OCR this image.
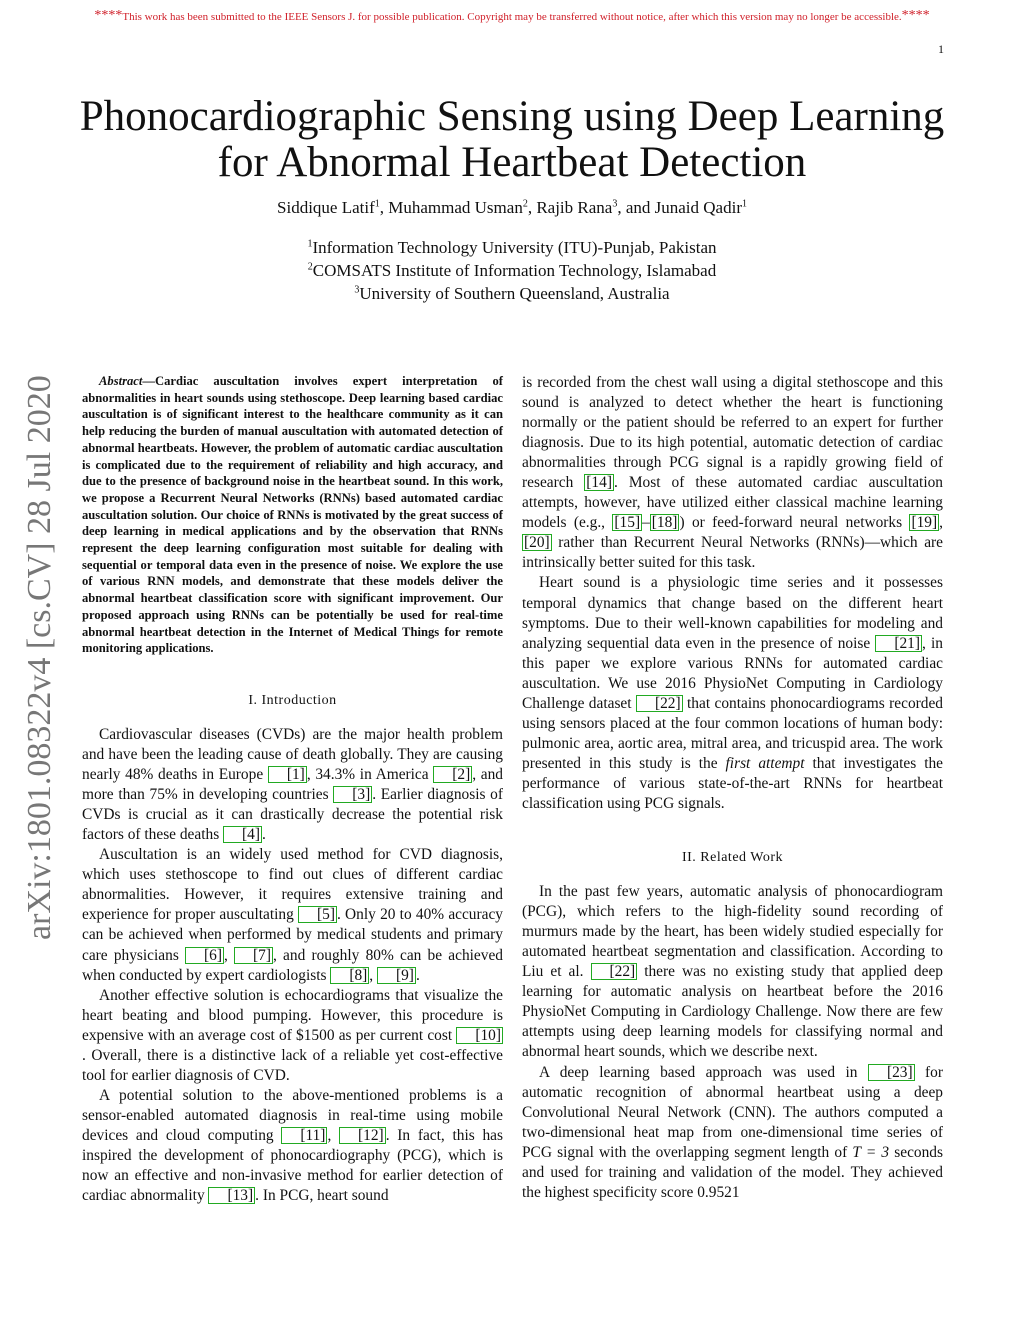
****This work has been submitted to the IEEE Sensors J. for possible publication. Copyright may be transferred without notice, after which this version may no longer be accessible.****
1
arXiv:1801.08322v4 [cs.CV] 28 Jul 2020
Phonocardiographic Sensing using Deep Learning
for Abnormal Heartbeat Detection
Siddique Latif$^1$, Muhammad Usman$^2$, Rajib Rana$^3$, and Junaid Qadir$^1$
$^1$Information Technology University (ITU)-Punjab, Pakistan
$^2$COMSATS Institute of Information Technology, Islamabad
$^3$University of Southern Queensland, Australia
Abstract—Cardiac auscultation involves expert interpretation of abnormalities in heart sounds using stethoscope. Deep learning based cardiac auscultation is of significant interest to the healthcare community as it can help reducing the burden of manual auscultation with automated detection of abnormal heartbeats. However, the problem of automatic cardiac auscultation is complicated due to the requirement of reliability and high accuracy, and due to the presence of background noise in the heartbeat sound. In this work, we propose a Recurrent Neural Networks (RNNs) based automated cardiac auscultation solution. Our choice of RNNs is motivated by the great success of deep learning in medical applications and by the observation that RNNs represent the deep learning configuration most suitable for dealing with sequential or temporal data even in the presence of noise. We explore the use of various RNN models, and demonstrate that these models deliver the abnormal heartbeat classification score with significant improvement. Our proposed approach using RNNs can be potentially be used for real-time abnormal heartbeat detection in the Internet of Medical Things for remote monitoring applications.
I. Introduction

Cardiovascular diseases (CVDs) are the major health problem and have been the leading cause of death globally. They are causing nearly 48% deaths in Europe [1] , 34.3% in America [2] , and more than 75% in developing countries [3] . Earlier diagnosis of CVDs is crucial as it can drastically decrease the potential risk factors of these deaths [4] .

Auscultation is an widely used method for CVD diagnosis, which uses stethoscope to find out clues of different cardiac abnormalities. However, it requires extensive training and experience for proper auscultating [5] . Only 20 to 40% accuracy can be achieved when performed by medical students and primary care physicians [6] , [7] , and roughly 80% can be achieved when conducted by expert cardiologists [8] , [9] .

Another effective solution is echocardiograms that visualize the heart beating and blood pumping. However, this procedure is expensive with an average cost of $1500 as per current cost [10]. Overall, there is a distinctive lack of a reliable yet cost-effective tool for earlier diagnosis of CVD.

A potential solution to the above-mentioned problems is a sensor-enabled automated diagnosis in real-time using mobile devices and cloud computing [11] , [12] . In fact, this has inspired the development of phonocardiography (PCG), which is now an effective and non-invasive method for earlier detection of cardiac abnormality [13] . In PCG, heart sound

is recorded from the chest wall using a digital stethoscope and this sound is analyzed to detect whether the heart is functioning normally or the patient should be referred to an expert for further diagnosis. Due to its high potential, automatic detection of cardiac abnormalities through PCG signal is a rapidly growing field of research [14] . Most of these automated cardiac auscultation attempts, however, have utilized either classical machine learning models (e.g., [15] – [18] ) or feed-forward neural networks [19] , [20] rather than Recurrent Neural Networks (RNNs)—which are intrinsically better suited for this task.

Heart sound is a physiologic time series and it possesses temporal dynamics that change based on the different heart symptoms. Due to their well-known capabilities for modeling and analyzing sequential data even in the presence of noise [21] , in this paper we explore various RNNs for automated cardiac auscultation. We use 2016 PhysioNet Computing in Cardiology Challenge dataset [22] that contains phonocardiograms recorded using sensors placed at the four common locations of human body: pulmonic area, aortic area, mitral area, and tricuspid area. The work presented in this study is the first attempt that investigates the performance of various state-of-the-art RNNs for heartbeat classification using PCG signals.

II. Related Work

In the past few years, automatic analysis of phonocardiogram (PCG), which refers to the high-fidelity sound recording of murmurs made by the heart, has been widely studied especially for automated heartbeat segmentation and classification. According to Liu et al. [22] there was no existing study that applied deep learning for automatic analysis on heartbeat before the 2016 PhysioNet Computing in Cardiology Challenge. Now there are few attempts using deep learning models for classifying normal and abnormal heart sounds, which we describe next.

A deep learning based approach was used in [23] for automatic recognition of abnormal heartbeat using a deep Convolutional Neural Network (CNN). The authors computed a two-dimensional heat map from one-dimensional time series of PCG signal with the overlapping segment length of T = 3 seconds and used for training and validation of the model. They achieved the highest specificity score 0.9521
